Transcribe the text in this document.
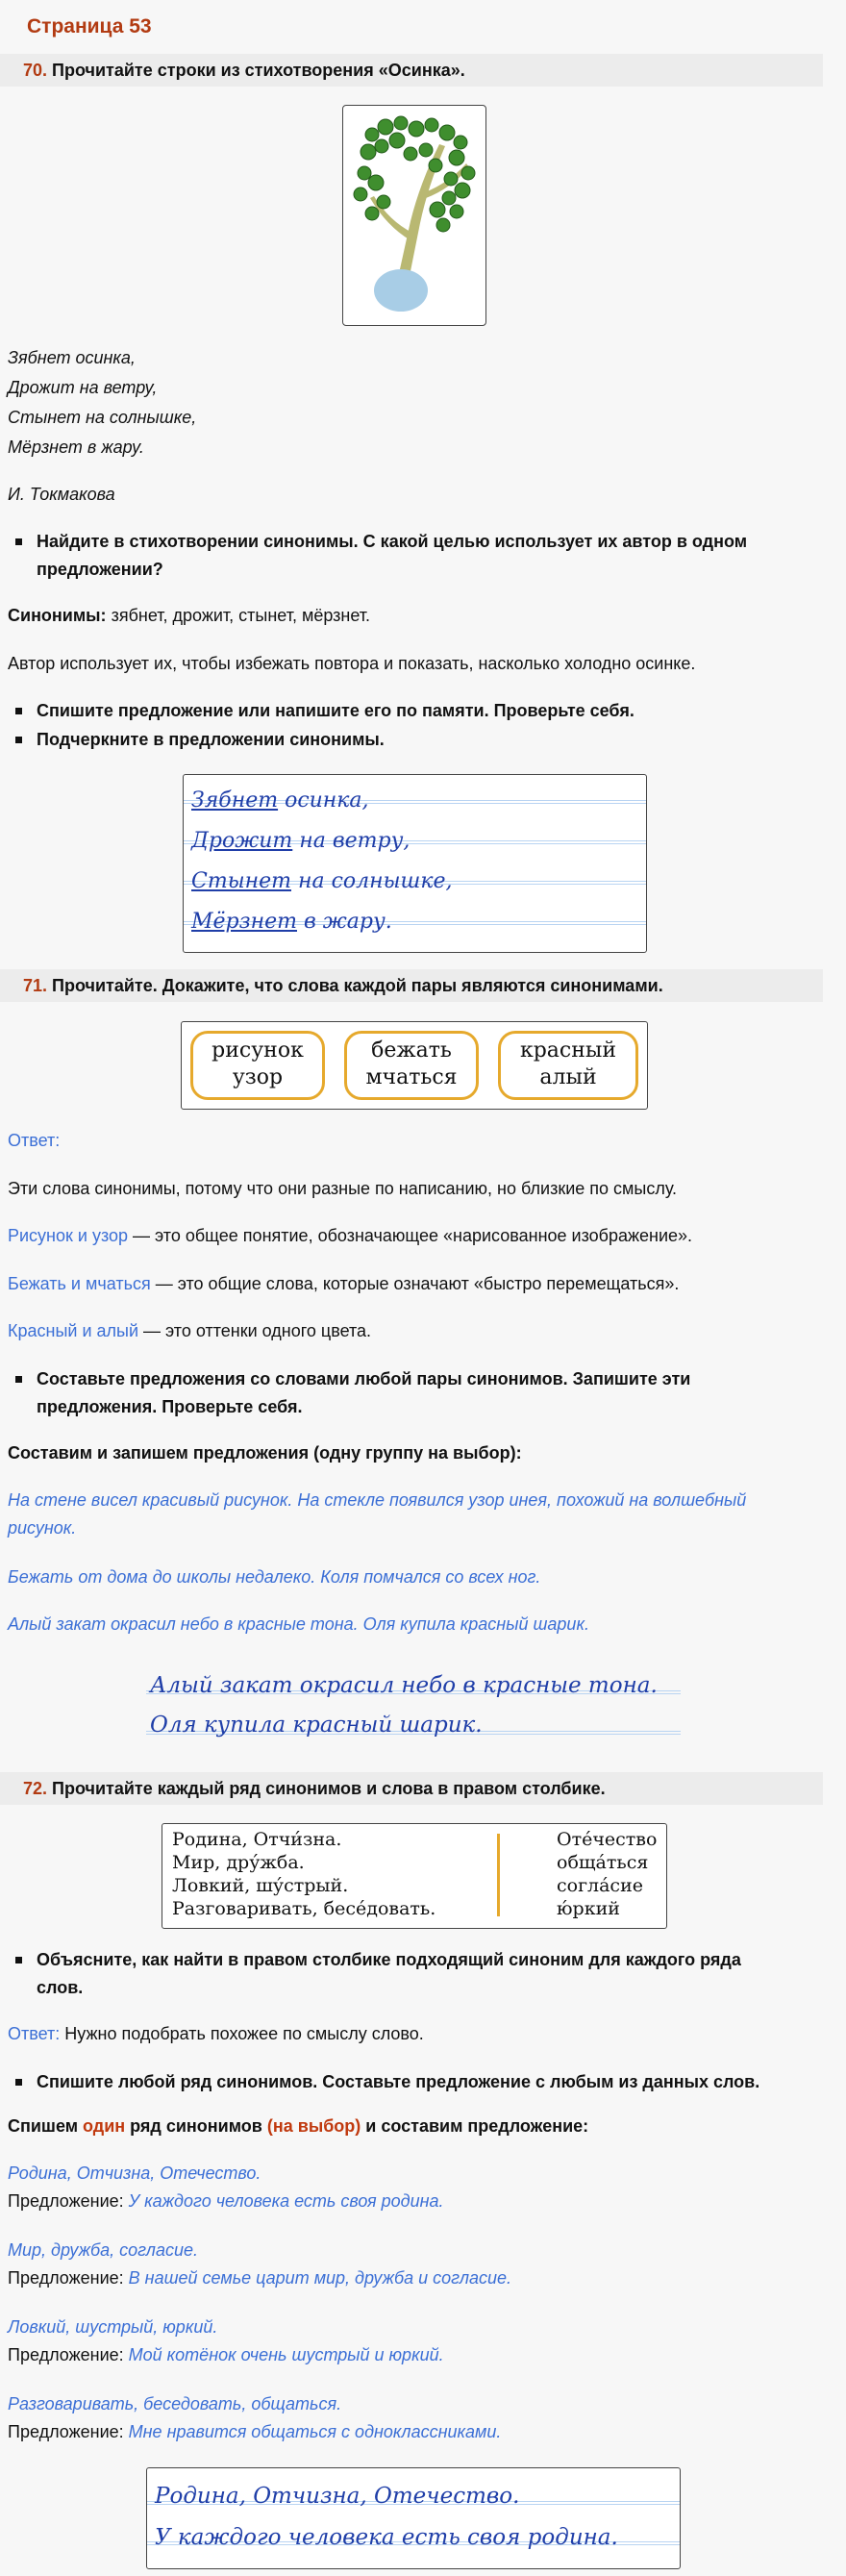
Страница 53
70. Прочитайте строки из стихотворения «Осинка».
Зябнет осинка,
Дрожит на ветру,
Стынет на солнышке,
Мёрзнет в жару.
И. Токмакова
Найдите в стихотворении синонимы. С какой целью использует их автор в одном предложении?
Синонимы: зябнет, дрожит, стынет, мёрзнет.
Автор использует их, чтобы избежать повтора и показать, насколько холодно осинке.
Спишите предложение или напишите его по памяти. Проверьте себя.
Подчеркните в предложении синонимы.
Зябнет осинка,
Дрожит на ветру,
Стынет на солнышке,
Мёрзнет в жару.
71. Прочитайте. Докажите, что слова каждой пары являются синонимами.
рисунок
узор
бежать
мчаться
красный
алый
Ответ:
Эти слова синонимы, потому что они разные по написанию, но близкие по смыслу.
Рисунок и узор — это общее понятие, обозначающее «нарисованное изображение».
Бежать и мчаться — это общие слова, которые означают «быстро перемещаться».
Красный и алый — это оттенки одного цвета.
Составьте предложения со словами любой пары синонимов. Запишите эти
предложения. Проверьте себя.
Составим и запишем предложения (одну группу на выбор):
На стене висел красивый рисунок. На стекле появился узор инея, похожий на волшебный
рисунок.
Бежать от дома до школы недалеко. Коля помчался со всех ног.
Алый закат окрасил небо в красные тона. Оля купила красный шарик.
Алый закат окрасил небо в красные тона.
Оля купила красный шарик.
72. Прочитайте каждый ряд синонимов и слова в правом столбике.
Родина, Отчи́зна.
Мир, дру́жба.
Ловкий, шу́стрый.
Разговаривать, бесе́довать.
Оте́чество
обща́ться
согла́сие
ю́ркий
Объясните, как найти в правом столбике подходящий синоним для каждого ряда
слов.
Ответ: Нужно подобрать похожее по смыслу слово.
Спишите любой ряд синонимов. Составьте предложение с любым из данных слов.
Спишем один ряд синонимов (на выбор) и составим предложение:
Родина, Отчизна, Отечество.
Предложение: У каждого человека есть своя родина.
Мир, дружба, согласие.
Предложение: В нашей семье царит мир, дружба и согласие.
Ловкий, шустрый, юркий.
Предложение: Мой котёнок очень шустрый и юркий.
Разговаривать, беседовать, общаться.
Предложение: Мне нравится общаться с одноклассниками.
Родина, Отчизна, Отечество.
У каждого человека есть своя родина.
